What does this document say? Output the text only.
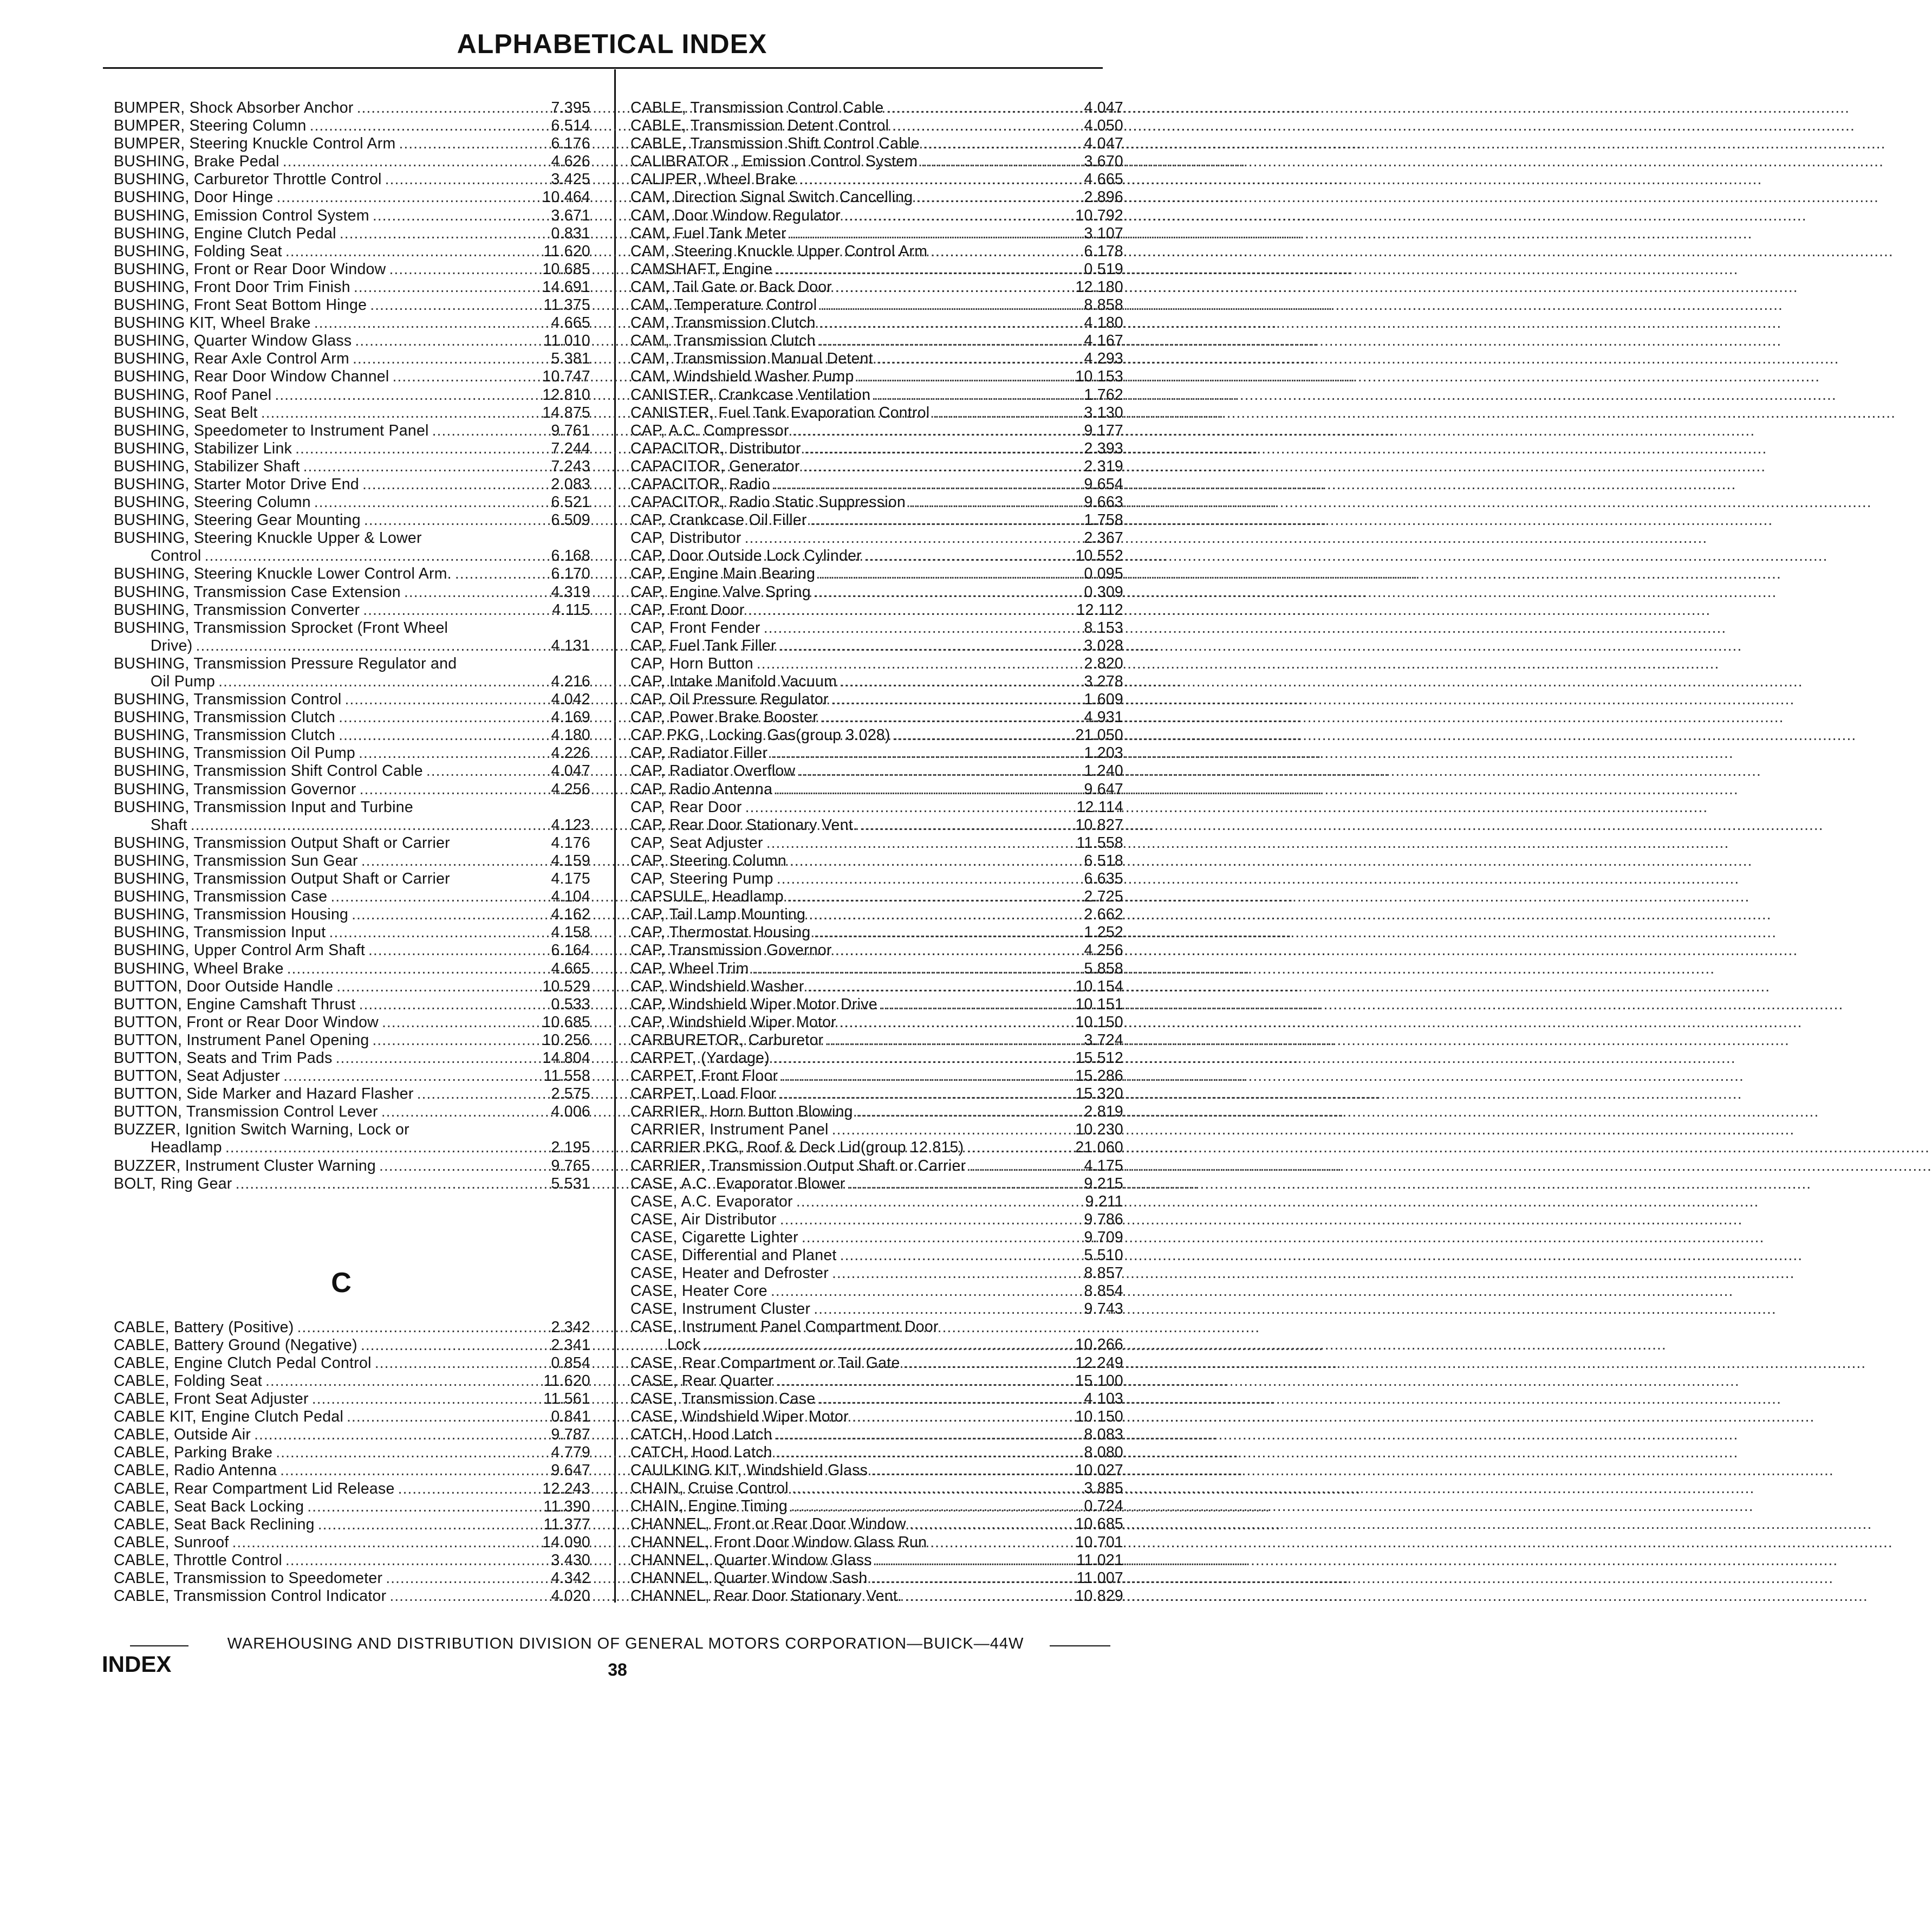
ALPHABETICAL INDEX
BUMPER, Shock Absorber Anchor .....	7.395
BUMPER, Steering Column .....	6.514
BUMPER, Steering Knuckle Control Arm .....	6.176
BUSHING, Brake Pedal .....	4.626
BUSHING, Carburetor Throttle Control .....	3.425
BUSHING, Door Hinge .....	10.464
BUSHING, Emission Control System .....	3.671
BUSHING, Engine Clutch Pedal .....	0.831
BUSHING, Folding Seat .....	11.620
BUSHING, Front or Rear Door Window .....	10.685
BUSHING, Front Door Trim Finish .....	14.691
BUSHING, Front Seat Bottom Hinge .....	11.375
BUSHING KIT, Wheel Brake .....	4.665
BUSHING, Quarter Window Glass .....	11.010
BUSHING, Rear Axle Control Arm .....	5.381
BUSHING, Rear Door Window Channel .....	10.747
BUSHING, Roof Panel .....	12.810
BUSHING, Seat Belt .....	14.875
BUSHING, Speedometer to Instrument Panel .....	9.761
BUSHING, Stabilizer Link .....	7.244
BUSHING, Stabilizer Shaft .....	7.243
BUSHING, Starter Motor Drive End .....	2.083
BUSHING, Steering Column .....	6.521
BUSHING, Steering Gear Mounting .....	6.509
BUSHING, Steering Knuckle Upper & Lower
Control .....	6.168
BUSHING, Steering Knuckle Lower Control Arm. .....	6.170
BUSHING, Transmission Case Extension .....	4.319
BUSHING, Transmission Converter .....	4.115
BUSHING, Transmission Sprocket (Front Wheel
Drive) .....	4.131
BUSHING, Transmission Pressure Regulator and
Oil Pump .....	4.216
BUSHING, Transmission Control .....	4.042
BUSHING, Transmission Clutch .....	4.169
BUSHING, Transmission Clutch .....	4.180
BUSHING, Transmission Oil Pump .....	4.226
BUSHING, Transmission Shift Control Cable .....	4.047
BUSHING, Transmission Governor .....	4.256
BUSHING, Transmission Input and Turbine
Shaft .....	4.123
BUSHING, Transmission Output Shaft or Carrier	4.176
BUSHING, Transmission Sun Gear .....	4.159
BUSHING, Transmission Output Shaft or Carrier	4.175
BUSHING, Transmission Case .....	4.104
BUSHING, Transmission Housing .....	4.162
BUSHING, Transmission Input .....	4.158
BUSHING, Upper Control Arm Shaft .....	6.164
BUSHING, Wheel Brake .....	4.665
BUTTON, Door Outside Handle .....	10.529
BUTTON, Engine Camshaft Thrust .....	0.533
BUTTON, Front or Rear Door Window .....	10.685
BUTTON, Instrument Panel Opening .....	10.256
BUTTON, Seats and Trim Pads .....	14.804
BUTTON, Seat Adjuster .....	11.558
BUTTON, Side Marker and Hazard Flasher .....	2.575
BUTTON, Transmission Control Lever .....	4.006
BUZZER, Ignition Switch Warning, Lock or
Headlamp .....	2.195
BUZZER, Instrument Cluster Warning .....	9.765
BOLT, Ring Gear .....	5.531
C
CABLE, Battery (Positive) .....	2.342
CABLE, Battery Ground (Negative) .....	2.341
CABLE, Engine Clutch Pedal Control .....	0.854
CABLE, Folding Seat .....	11.620
CABLE, Front Seat Adjuster .....	11.561
CABLE KIT, Engine Clutch Pedal .....	0.841
CABLE, Outside Air .....	9.787
CABLE, Parking Brake .....	4.779
CABLE, Radio Antenna .....	9.647
CABLE, Rear Compartment Lid Release .....	12.243
CABLE, Seat Back Locking .....	11.390
CABLE, Seat Back Reclining .....	11.377
CABLE, Sunroof .....	14.090
CABLE, Throttle Control .....	3.430
CABLE, Transmission to Speedometer .....	4.342
CABLE, Transmission Control Indicator .....	4.020
CABLE, Transmission Control Cable .....	4.047
CABLE, Transmission Detent Control .....	4.050
CABLE, Transmission Shift Control Cable .....	4.047
CALIBRATOR , Emission Control System .....	3.670
CALIPER, Wheel Brake .....	4.665
CAM, Direction Signal Switch Cancelling .....	2.896
CAM, Door Window Regulator .....	10.792
CAM, Fuel Tank Meter .....	3.107
CAM, Steering Knuckle Upper Control Arm .....	6.178
CAMSHAFT, Engine .....	0.519
CAM, Tail Gate or Back Door .....	12.180
CAM, Temperature Control .....	8.858
CAM, Transmission Clutch .....	4.180
CAM, Transmission Clutch .....	4.167
CAM, Transmission Manual Detent .....	4.293
CAM, Windshield Washer Pump .....	10.153
CANISTER, Crankcase Ventilation .....	1.762
CANISTER, Fuel Tank Evaporation Control .....	3.130
CAP, A.C. Compressor .....	9.177
CAPACITOR, Distributor .....	2.393
CAPACITOR, Generator .....	2.319
CAPACITOR, Radio .....	9.654
CAPACITOR, Radio Static Suppression .....	9.663
CAP, Crankcase Oil Filler .....	1.758
CAP, Distributor .....	2.367
CAP, Door Outside Lock Cylinder .....	10.552
CAP, Engine Main Bearing .....	0.095
CAP, Engine Valve Spring .....	0.309
CAP, Front Door .....	12.112
CAP, Front Fender .....	8.153
CAP, Fuel Tank Filler .....	3.028
CAP, Horn Button .....	2.820
CAP, Intake Manifold Vacuum .....	3.278
CAP, Oil Pressure Regulator .....	1.609
CAP, Power Brake Booster .....	4.931
CAP PKG, Locking Gas(group 3.028) .....	21.050
CAP, Radiator Filler .....	1.203
CAP, Radiator Overflow .....	1.240
CAP, Radio Antenna .....	9.647
CAP, Rear Door .....	12.114
CAP, Rear Door Stationary Vent. .....	10.827
CAP, Seat Adjuster .....	11.558
CAP, Steering Column .....	6.518
CAP, Steering Pump .....	6.635
CAPSULE, Headlamp .....	2.725
CAP, Tail Lamp Mounting .....	2.662
CAP, Thermostat Housing .....	1.252
CAP, Transmission Governor .....	4.256
CAP, Wheel Trim .....	5.858
CAP, Windshield Washer .....	10.154
CAP, Windshield Wiper Motor Drive .....	10.151
CAP, Windshield Wiper Motor .....	10.150
CARBURETOR, Carburetor .....	3.724
CARPET, (Yardage) .....	15.512
CARPET, Front Floor .....	15.286
CARPET, Load Floor .....	15.320
CARRIER, Horn Button Blowing .....	2.819
CARRIER, Instrument Panel .....	10.230
CARRIER PKG, Roof & Deck Lid(group 12.815) .....	21.060
CARRIER, Transmission Output Shaft or Carrier .....	4.175
CASE, A.C. Evaporator Blower .....	9.215
CASE, A.C. Evaporator .....	9.211
CASE, Air Distributor .....	9.786
CASE, Cigarette Lighter .....	9.709
CASE, Differential and Planet .....	5.510
CASE, Heater and Defroster .....	8.857
CASE, Heater Core .....	8.854
CASE, Instrument Cluster .....	9.743
CASE, Instrument Panel Compartment Door
Lock .....	10.266
CASE, Rear Compartment or Tail Gate .....	12.249
CASE, Rear Quarter .....	15.100
CASE, Transmission Case .....	4.103
CASE, Windshield Wiper Motor .....	10.150
CATCH, Hood Latch .....	8.083
CATCH, Hood Latch .....	8.080
CAULKING KIT, Windshield Glass .....	10.027
CHAIN, Cruise Control .....	3.885
CHAIN, Engine Timing .....	0.724
CHANNEL, Front or Rear Door Window .....	10.685
CHANNEL, Front Door Window Glass Run .....	10.701
CHANNEL, Quarter Window Glass .....	11.021
CHANNEL, Quarter Window Sash .....	11.007
CHANNEL, Rear Door Stationary Vent. .....	10.829
WAREHOUSING AND DISTRIBUTION DIVISION OF GENERAL MOTORS CORPORATION—BUICK—44W
INDEX	38
